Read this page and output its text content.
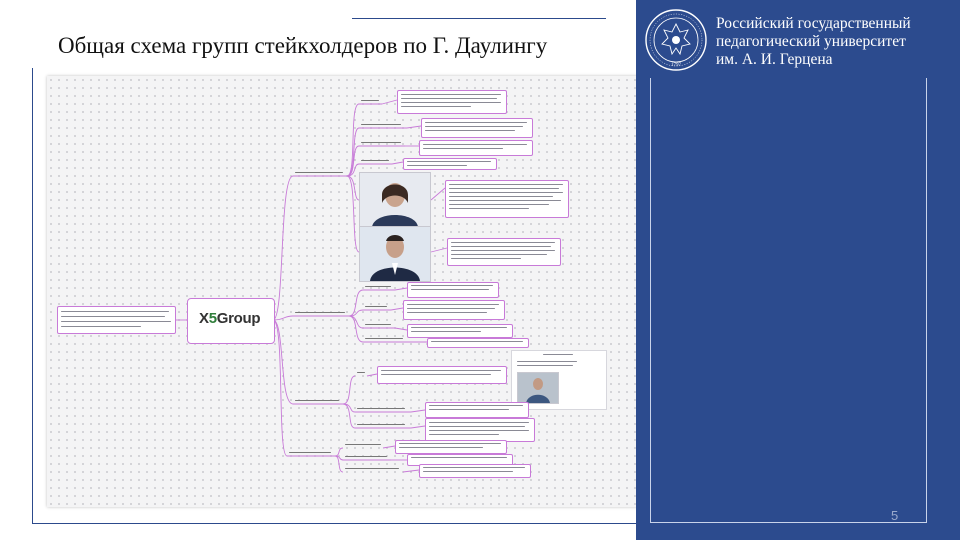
Общая схема групп стейкхолдеров по Г. Даулингу
X5Group
1797
Российский государственный
педагогический университет
им. А. И. Герцена
5
